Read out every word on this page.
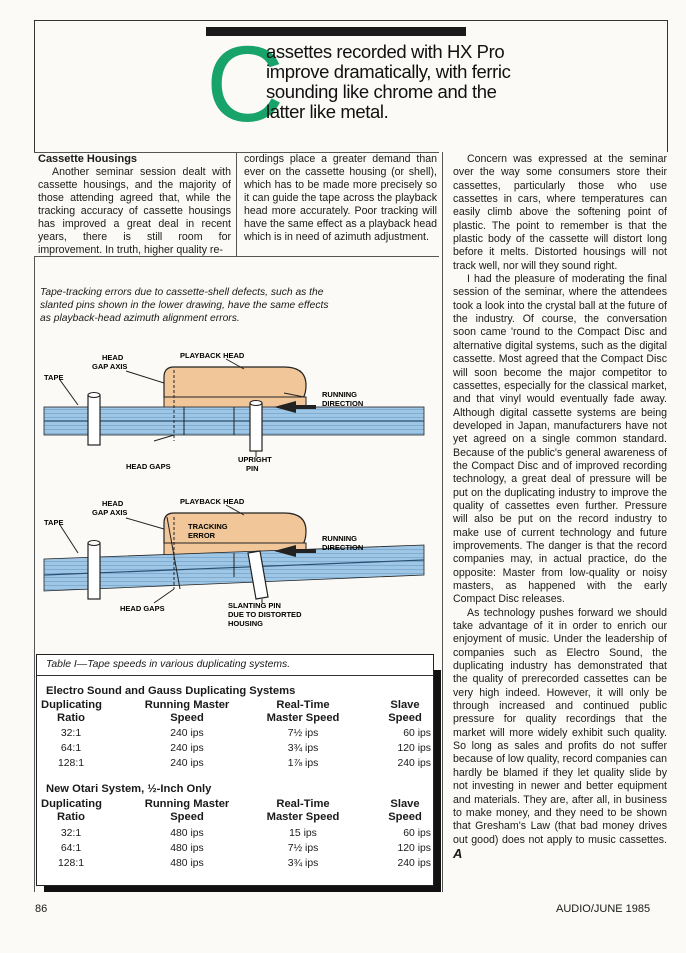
C
assettes recorded with HX Pro improve dramatically, with ferric sounding like chrome and the latter like metal.

Cassette Housings

Another seminar session dealt with cassette housings, and the majority of those attending agreed that, while the tracking accuracy of cassette housings has improved a great deal in recent years, there is still room for improvement. In truth, higher quality re-

cordings place a greater demand than ever on the cassette housing (or shell), which has to be made more precisely so it can guide the tape across the playback head more accurately. Poor tracking will have the same effect as a playback head which is in need of azimuth adjustment.

Concern was expressed at the seminar over the way some consumers store their cassettes, particularly those who use cassettes in cars, where temperatures can easily climb above the softening point of plastic. The point to remember is that the plastic body of the cassette will distort long before it melts. Distorted housings will not track well, nor will they sound right.

I had the pleasure of moderating the final session of the seminar, where the attendees took a look into the crystal ball at the future of the industry. Of course, the conversation soon came 'round to the Compact Disc and alternative digital systems, such as the digital cassette. Most agreed that the Compact Disc will soon become the major competitor to cassettes, especially for the classical market, and that vinyl would eventually fade away. Although digital cassette systems are being developed in Japan, manufacturers have not yet agreed on a single common standard. Because of the public's general awareness of the Compact Disc and of improved recording technology, a great deal of pressure will be put on the duplicating industry to improve the quality of cassettes even further. Pressure will also be put on the record industry to make use of current technology and future improvements. The danger is that the record companies may, in actual practice, do the opposite: Master from low-quality or noisy masters, as happened with the early Compact Disc releases.

As technology pushes forward we should take advantage of it in order to enrich our enjoyment of music. Under the leadership of companies such as Electro Sound, the duplicating industry has demonstrated that the quality of prerecorded cassettes can be very high indeed. However, it will only be through increased and continued public pressure for quality recordings that the market will more widely exhibit such quality. So long as sales and profits do not suffer because of low quality, record companies can hardly be blamed if they let quality slide by not investing in newer and better equipment and materials. They are, after all, in business to make money, and they need to be shown that Gresham's Law (that bad money drives out good) does not apply to music cassettes. A

Tape-tracking errors due to cassette-shell defects, such as the slanted pins shown in the lower drawing, have the same effects as playback-head azimuth alignment errors.
HEAD
GAP AXIS
PLAYBACK HEAD
TAPE
RUNNING
DIRECTION
HEAD GAPS
UPRIGHT
PIN
HEAD
GAP AXIS
PLAYBACK HEAD
TAPE	TRACKING
ERROR	RUNNING
DIRECTION
HEAD GAPS	SLANTING PIN
DUE TO DISTORTED
HOUSING
Table I—Tape speeds in various duplicating systems.
Electro Sound and Gauss Duplicating Systems
Duplicating
Ratio
Running Master
Speed
Real-Time
Master Speed
Slave
Speed
32:1	240 ips	7½ ips	60 ips
64:1	240 ips	3¾ ips	120 ips
128:1	240 ips	1⅞ ips	240 ips
New Otari System, ½-Inch Only
Duplicating
Ratio
Running Master
Speed
Real-Time
Master Speed
Slave
Speed
32:1	480 ips	15 ips	60 ips
64:1	480 ips	7½ ips	120 ips
128:1	480 ips	3¾ ips	240 ips
86	AUDIO/JUNE 1985
